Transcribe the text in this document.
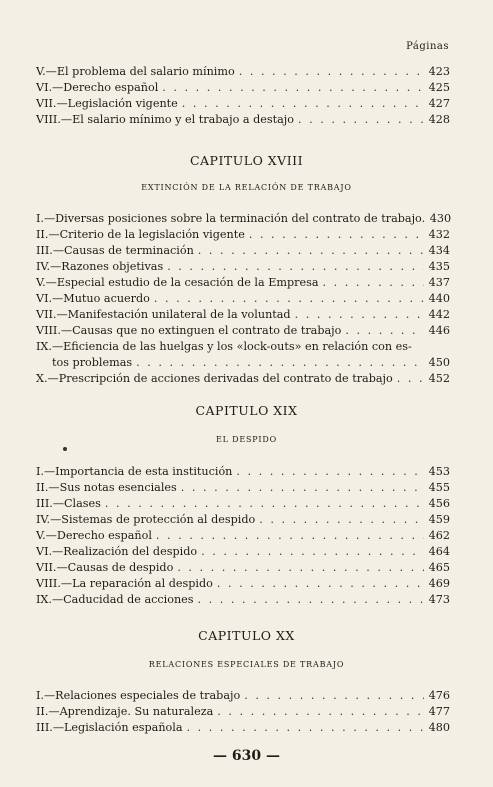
Páginas
V.—El problema del salario mínimo . . .	423
VI.—Derecho español . . .	425
VII.—Legislación vigente . . .	427
VIII.—El salario mínimo y el trabajo a destajo . . .	428
CAPITULO XVIII
EXTINCIÓN DE LA RELACIÓN DE TRABAJO
I.—Diversas posiciones sobre la terminación del contrato de trabajo. 430
II.—Criterio de la legislación vigente . . .	432
III.—Causas de terminación . . .	434
IV.—Razones objetivas . . .	435
V.—Especial estudio de la cesación de la Empresa . . .	437
VI.—Mutuo acuerdo . . .	440
VII.—Manifestación unilateral de la voluntad . . .	442
VIII.—Causas que no extinguen el contrato de trabajo . . .	446
IX.—Eficiencia de las huelgas y los «lock-outs» en relación con es-
tos problemas . . .	450
X.—Prescripción de acciones derivadas del contrato de trabajo . . .	452
CAPITULO XIX
EL DESPIDO
I.—Importancia de esta institución . . .	453
II.—Sus notas esenciales . . .	455
III.—Clases . . .	456
IV.—Sistemas de protección al despido . . .	459
V.—Derecho español . . .	462
VI.—Realización del despido . . .	464
VII.—Causas de despido . . .	465
VIII.—La reparación al despido . . .	469
IX.—Caducidad de acciones . . .	473
CAPITULO XX
RELACIONES ESPECIALES DE TRABAJO
I.—Relaciones especiales de trabajo . . .	476
II.—Aprendizaje. Su naturaleza . . .	477
III.—Legislación española . . .	480
— 630 —
